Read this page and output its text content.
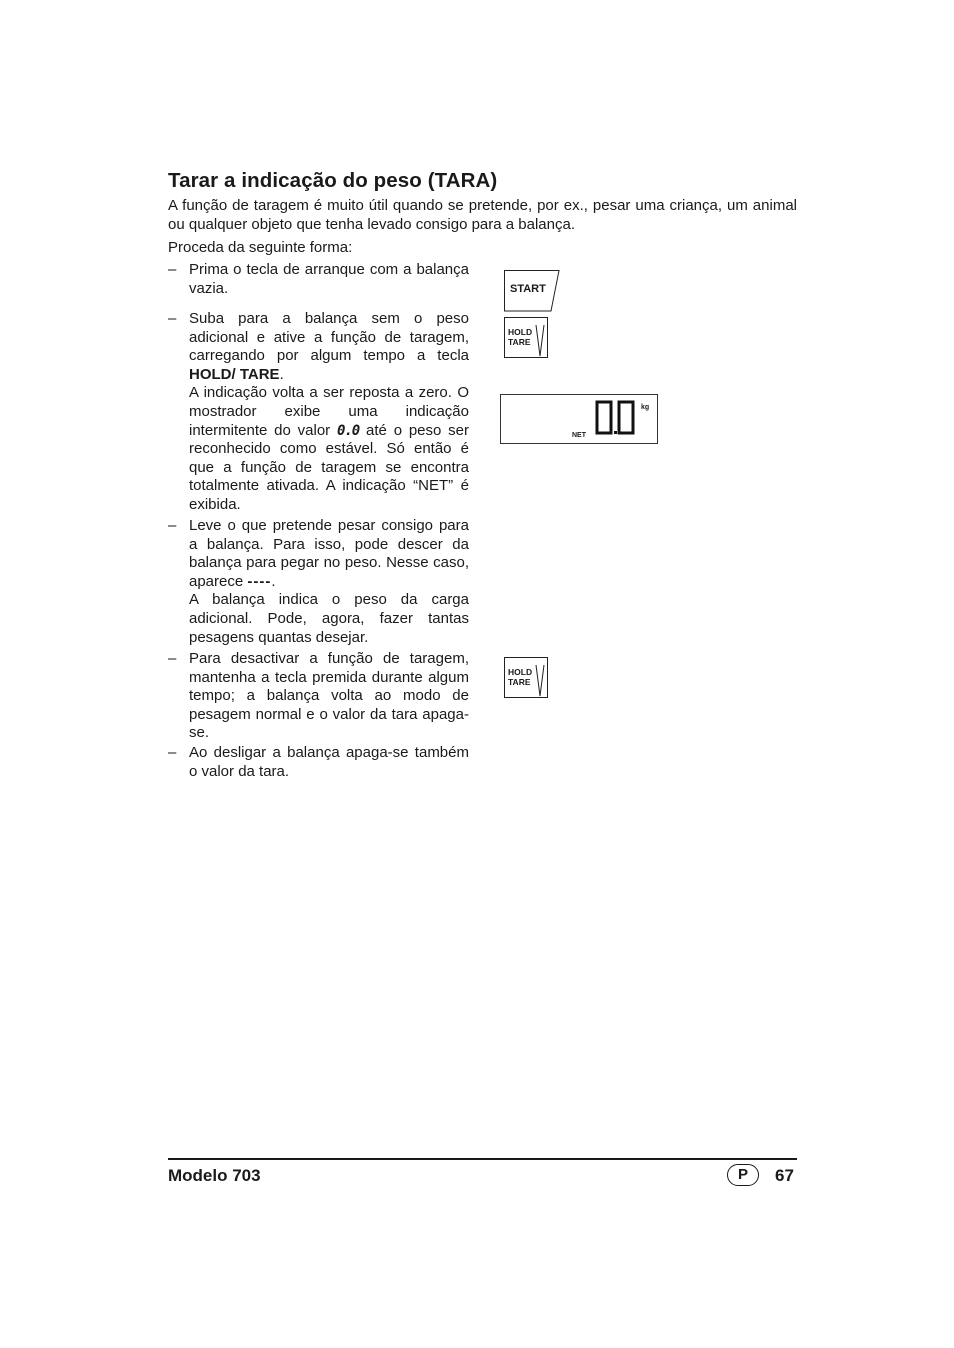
Tarar a indicação do peso (TARA)

A função de taragem é muito útil quando se pretende, por ex., pesar uma criança, um animal ou qualquer objeto que tenha levado consigo para a balança.

Proceda da seguinte forma:

– Prima o tecla de arranque com a balança vazia.

– Suba para a balança sem o peso adicional e ative a função de taragem, carregando por algum tempo a tecla HOLD/ TARE.

A indicação volta a ser reposta a zero. O mostrador exibe uma indicação intermitente do valor 0.0 até o peso ser reconhecido como estável. Só então é que a função de taragem se encontra totalmente ativada. A indicação “NET” é exibida.

– Leve o que pretende pesar consigo para a balança. Para isso, pode descer da balança para pegar no peso. Nesse caso, aparece ----.

A balança indica o peso da carga adicional. Pode, agora, fazer tantas pesagens quantas desejar.

– Para desactivar a função de taragem, mantenha a tecla premida durante algum tempo; a balança volta ao modo de pesagem normal e o valor da tara apaga-se.

– Ao desligar a balança apaga-se também o valor da tara.

START
HOLD
TARE
kg
NET
HOLD
TARE
Modelo 703	P	67
